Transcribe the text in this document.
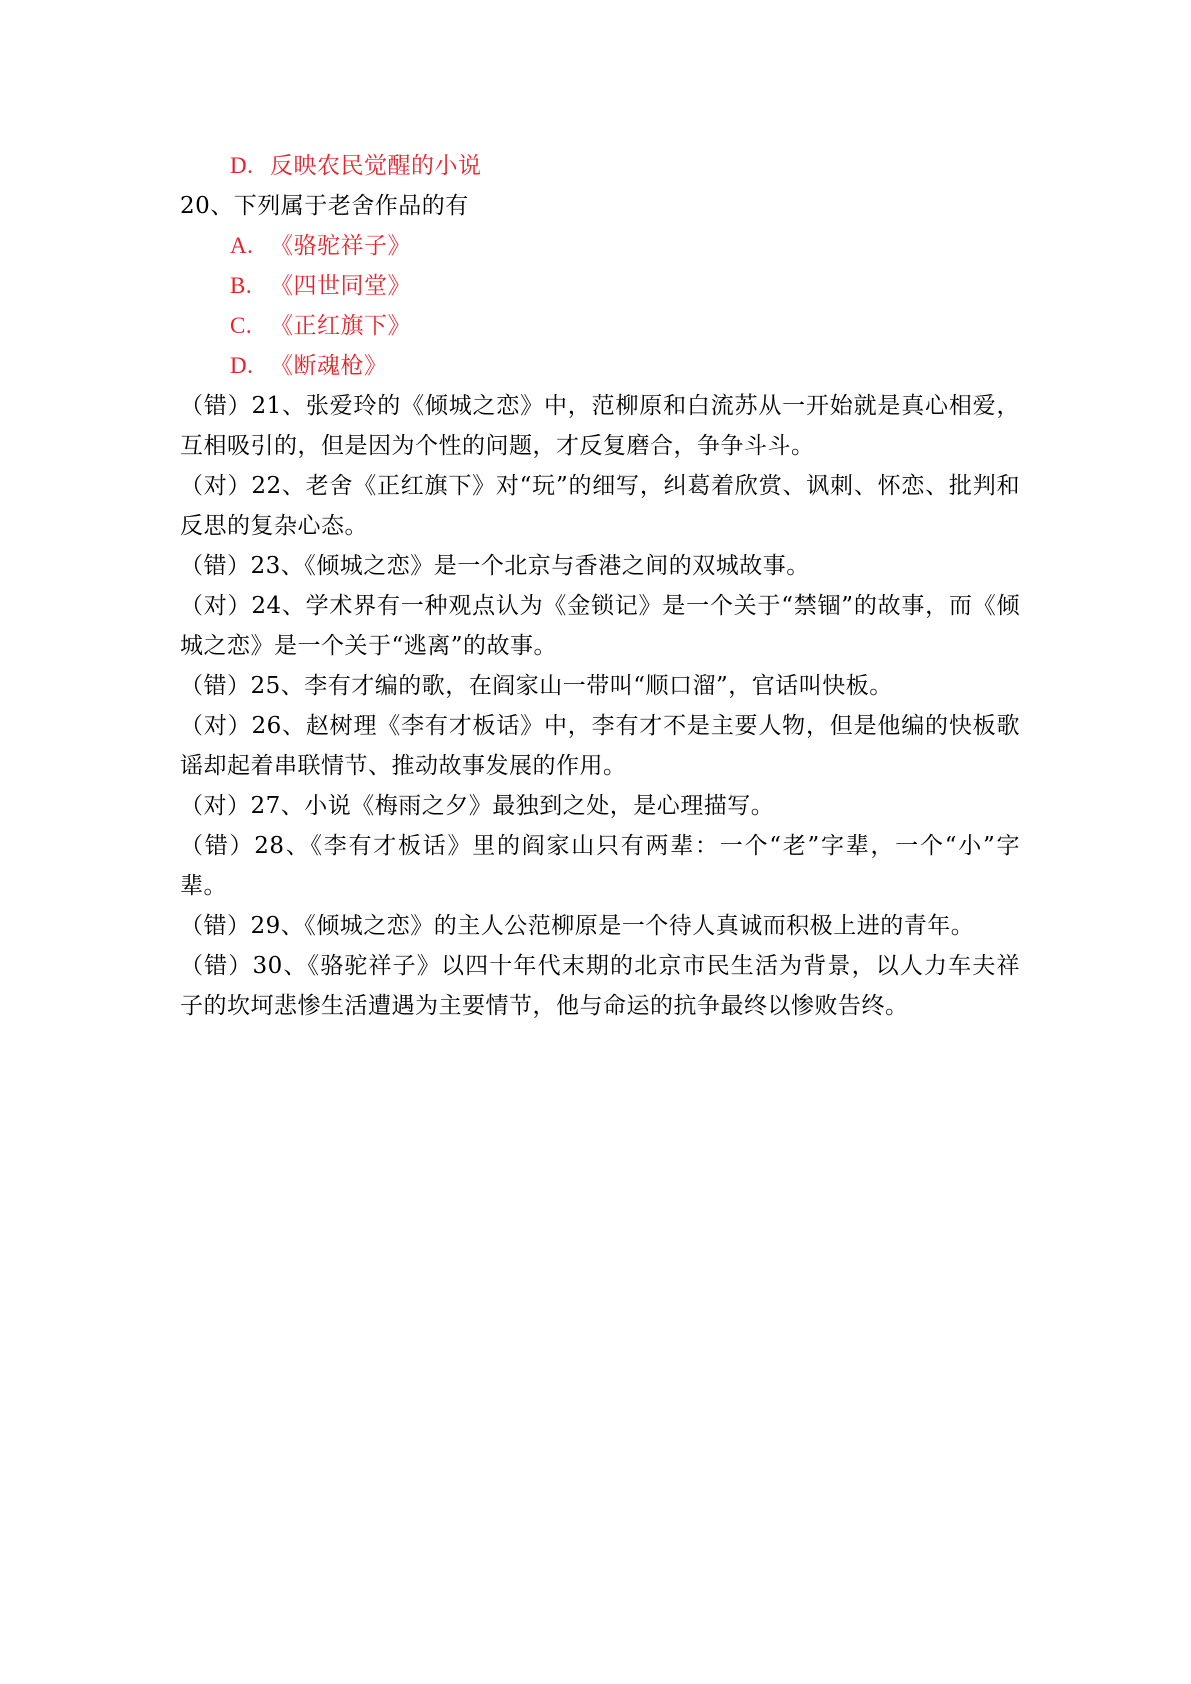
D. 反映农民觉醒的小说
20、下列属于老舍作品的有
A. 《骆驼祥子》
B. 《四世同堂》
C. 《正红旗下》
D. 《断魂枪》
（错）21、张爱玲的《倾城之恋》中，范柳原和白流苏从一开始就是真心相爱，互相吸引的，但是因为个性的问题，才反复磨合，争争斗斗。
（对）22、老舍《正红旗下》对“玩”的细写，纠葛着欣赏、讽刺、怀恋、批判和反思的复杂心态。
（错）23、《倾城之恋》是一个北京与香港之间的双城故事。
（对）24、学术界有一种观点认为《金锁记》是一个关于“禁锢”的故事，而《倾城之恋》是一个关于“逃离”的故事。
（错）25、李有才编的歌，在阎家山一带叫“顺口溜”，官话叫快板。
（对）26、赵树理《李有才板话》中，李有才不是主要人物，但是他编的快板歌谣却起着串联情节、推动故事发展的作用。
（对）27、小说《梅雨之夕》最独到之处，是心理描写。
（错）28、《李有才板话》里的阎家山只有两辈：一个“老”字辈，一个“小”字辈。
（错）29、《倾城之恋》的主人公范柳原是一个待人真诚而积极上进的青年。
（错）30、《骆驼祥子》以四十年代末期的北京市民生活为背景，以人力车夫祥子的坎坷悲惨生活遭遇为主要情节，他与命运的抗争最终以惨败告终。
